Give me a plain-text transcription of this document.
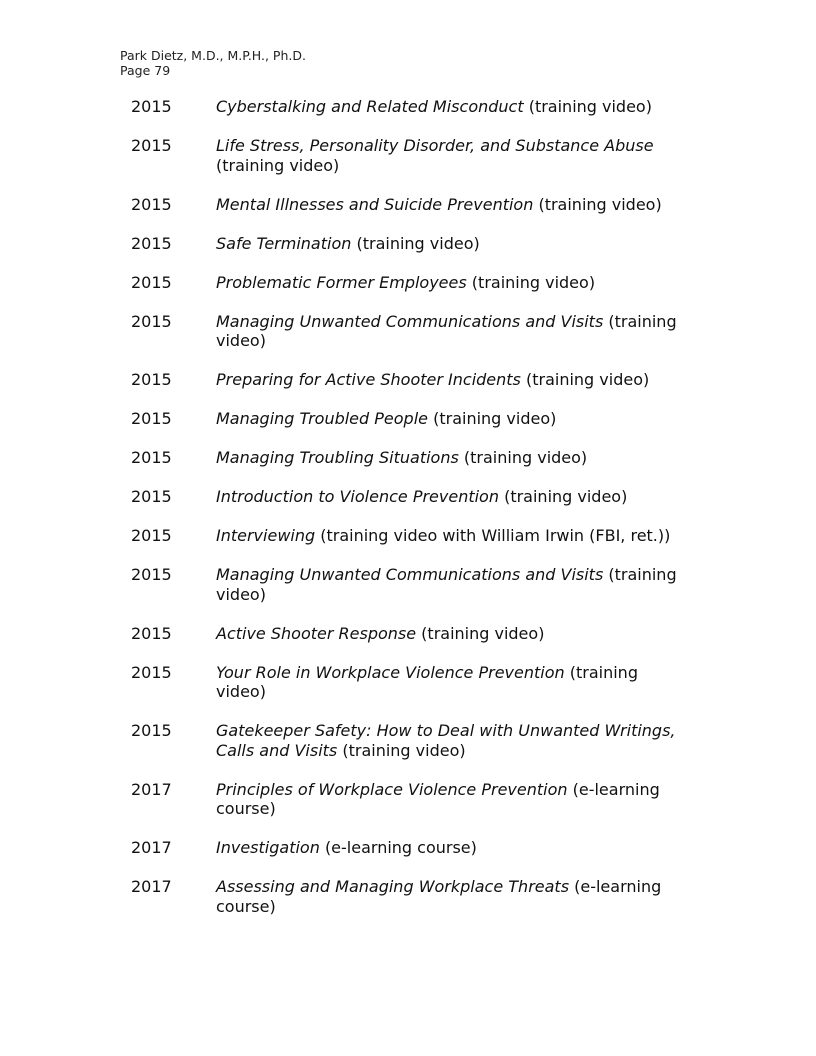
Park Dietz, M.D., M.P.H., Ph.D.
Page 79
2015	Cyberstalking and Related Misconduct (training video)
2015	Life Stress, Personality Disorder, and Substance Abuse (training video)
2015	Mental Illnesses and Suicide Prevention (training video)
2015	Safe Termination (training video)
2015	Problematic Former Employees (training video)
2015	Managing Unwanted Communications and Visits (training video)
2015	Preparing for Active Shooter Incidents (training video)
2015	Managing Troubled People (training video)
2015	Managing Troubling Situations (training video)
2015	Introduction to Violence Prevention (training video)
2015	Interviewing (training video with William Irwin (FBI, ret.))
2015	Managing Unwanted Communications and Visits (training video)
2015	Active Shooter Response (training video)
2015	Your Role in Workplace Violence Prevention (training video)
2015	Gatekeeper Safety: How to Deal with Unwanted Writings, Calls and Visits (training video)
2017	Principles of Workplace Violence Prevention (e-learning course)
2017	Investigation (e-learning course)
2017	Assessing and Managing Workplace Threats (e-learning course)
